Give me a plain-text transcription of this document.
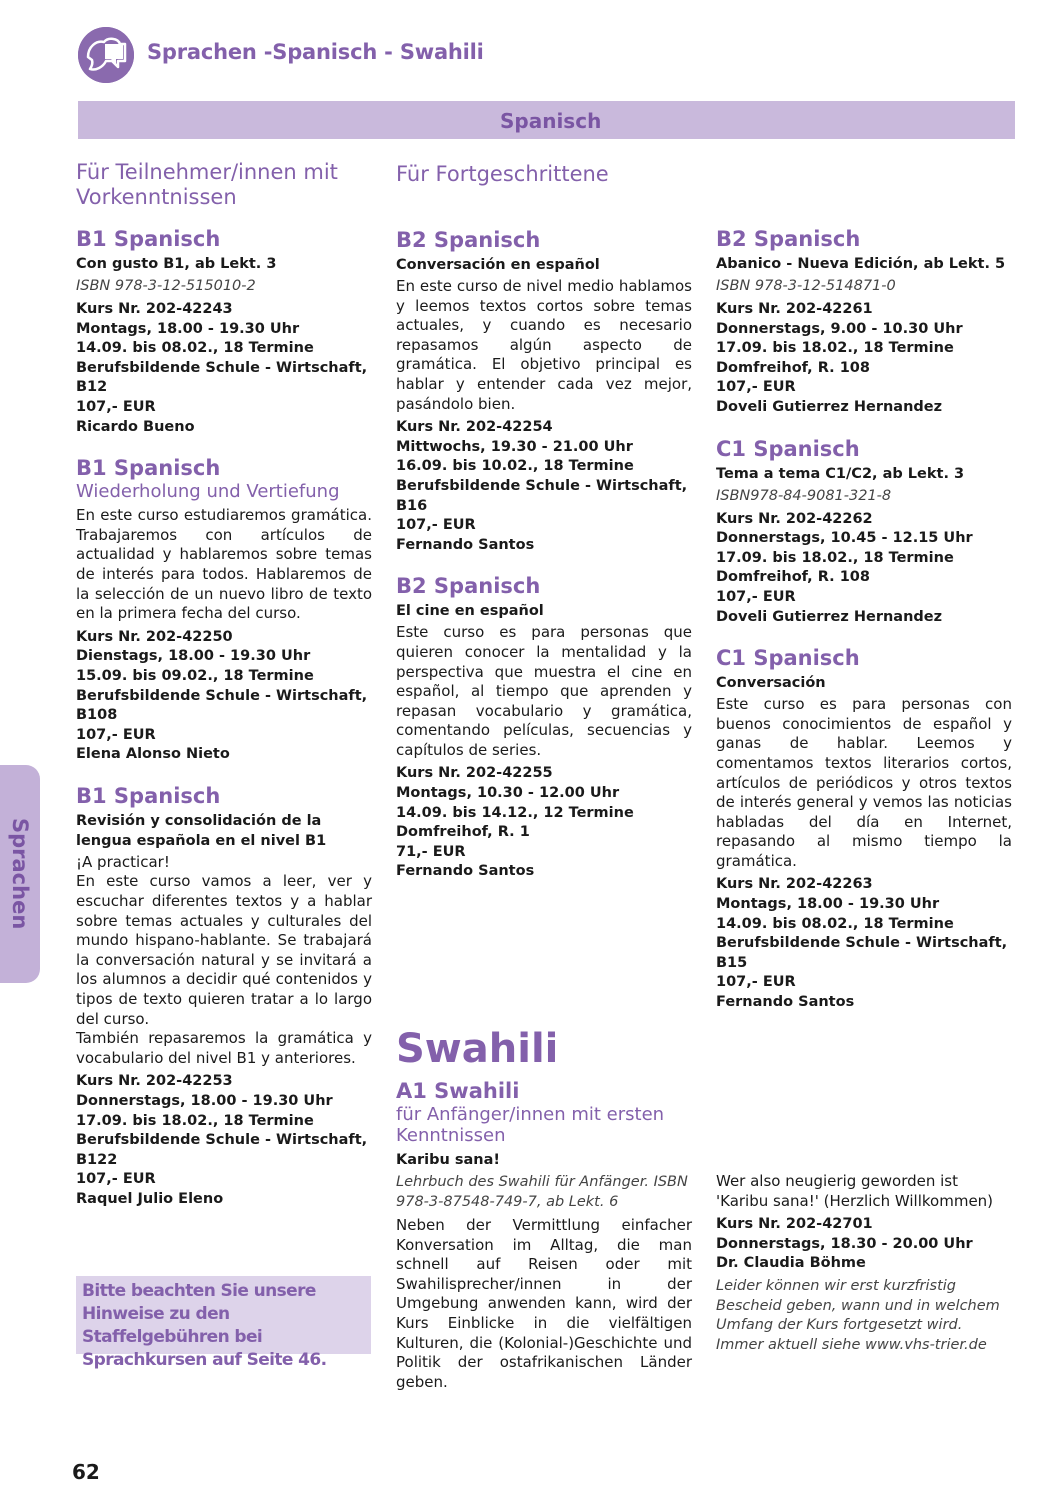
Sprachen -Spanisch - Swahili
Spanisch
Für Teilnehmer/innen mit Vorkenntnissen
B1 Spanisch
Con gusto B1, ab Lekt. 3
ISBN 978-3-12-515010-2
Kurs Nr. 202-42243
Montags, 18.00 - 19.30 Uhr
14.09. bis 08.02., 18 Termine
Berufsbildende Schule - Wirtschaft, B12
107,- EUR
Ricardo Bueno
B1 Spanisch
Wiederholung und Vertiefung
En este curso estudiaremos gramática. Trabajaremos con artículos de actualidad y hablaremos sobre temas de interés para todos. Hablaremos de la selección de un nuevo libro de texto en la primera fecha del curso.
Kurs Nr. 202-42250
Dienstags, 18.00 - 19.30 Uhr
15.09. bis 09.02., 18 Termine
Berufsbildende Schule - Wirtschaft, B108
107,- EUR
Elena Alonso Nieto
B1 Spanisch
Revisión y consolidación de la lengua española en el nivel B1
¡A practicar!
En este curso vamos a leer, ver y escuchar diferentes textos y a hablar sobre temas actuales y culturales del mundo hispano-hablante. Se trabajará la conversación natural y se invitará a los alumnos a decidir qué contenidos y tipos de texto quieren tratar a lo largo del curso.
También repasaremos la gramática y vocabulario del nivel B1 y anteriores.
Kurs Nr. 202-42253
Donnerstags, 18.00 - 19.30 Uhr
17.09. bis 18.02., 18 Termine
Berufsbildende Schule - Wirtschaft, B122
107,- EUR
Raquel Julio Eleno
Bitte beachten Sie unsere Hinweise zu den Staffelgebühren bei Sprachkursen auf Seite 46.
Für Fortgeschrittene
B2 Spanisch
Conversación en español
En este curso de nivel medio hablamos y leemos textos cortos sobre temas actuales, y cuando es necesario repasamos algún aspecto de gramática. El objetivo principal es hablar y entender cada vez mejor, pasándolo bien.
Kurs Nr. 202-42254
Mittwochs, 19.30 - 21.00 Uhr
16.09. bis 10.02., 18 Termine
Berufsbildende Schule - Wirtschaft, B16
107,- EUR
Fernando Santos
B2 Spanisch
El cine en español
Este curso es para personas que quieren conocer la mentalidad y la perspectiva que muestra el cine en español, al tiempo que aprenden y repasan vocabulario y gramática, comentando películas, secuencias y capítulos de series.
Kurs Nr. 202-42255
Montags, 10.30 - 12.00 Uhr
14.09. bis 14.12., 12 Termine
Domfreihof, R. 1
71,- EUR
Fernando Santos
Swahili
A1 Swahili
für Anfänger/innen mit ersten Kenntnissen
Karibu sana!
Lehrbuch des Swahili für Anfänger. ISBN 978-3-87548-749-7, ab Lekt. 6
Neben der Vermittlung einfacher Konversation im Alltag, die man schnell auf Reisen oder mit Swahilisprecher/innen in der Umgebung anwenden kann, wird der Kurs Einblicke in die vielfältigen Kulturen, die (Kolonial-)Geschichte und Politik der ostafrikanischen Länder geben.
B2 Spanisch
Abanico - Nueva Edición, ab Lekt. 5
ISBN 978-3-12-514871-0
Kurs Nr. 202-42261
Donnerstags, 9.00 - 10.30 Uhr
17.09. bis 18.02., 18 Termine
Domfreihof, R. 108
107,- EUR
Doveli Gutierrez Hernandez
C1 Spanisch
Tema a tema C1/C2, ab Lekt. 3
ISBN978-84-9081-321-8
Kurs Nr. 202-42262
Donnerstags, 10.45 - 12.15 Uhr
17.09. bis 18.02., 18 Termine
Domfreihof, R. 108
107,- EUR
Doveli Gutierrez Hernandez
C1 Spanisch
Conversación
Este curso es para personas con buenos conocimientos de español y ganas de hablar. Leemos y comentamos textos literarios cortos, artículos de periódicos y otros textos de interés general y vemos las noticias habladas del día en Internet, repasando al mismo tiempo la gramática.
Kurs Nr. 202-42263
Montags, 18.00 - 19.30 Uhr
14.09. bis 08.02., 18 Termine
Berufsbildende Schule - Wirtschaft, B15
107,- EUR
Fernando Santos
Wer also neugierig geworden ist 'Karibu sana!' (Herzlich Willkommen)
Kurs Nr. 202-42701
Donnerstags, 18.30 - 20.00 Uhr
Dr. Claudia Böhme
Leider können wir erst kurzfristig Bescheid geben, wann und in welchem Umfang der Kurs fortgesetzt wird. Immer aktuell siehe www.vhs-trier.de
Sprachen
62
